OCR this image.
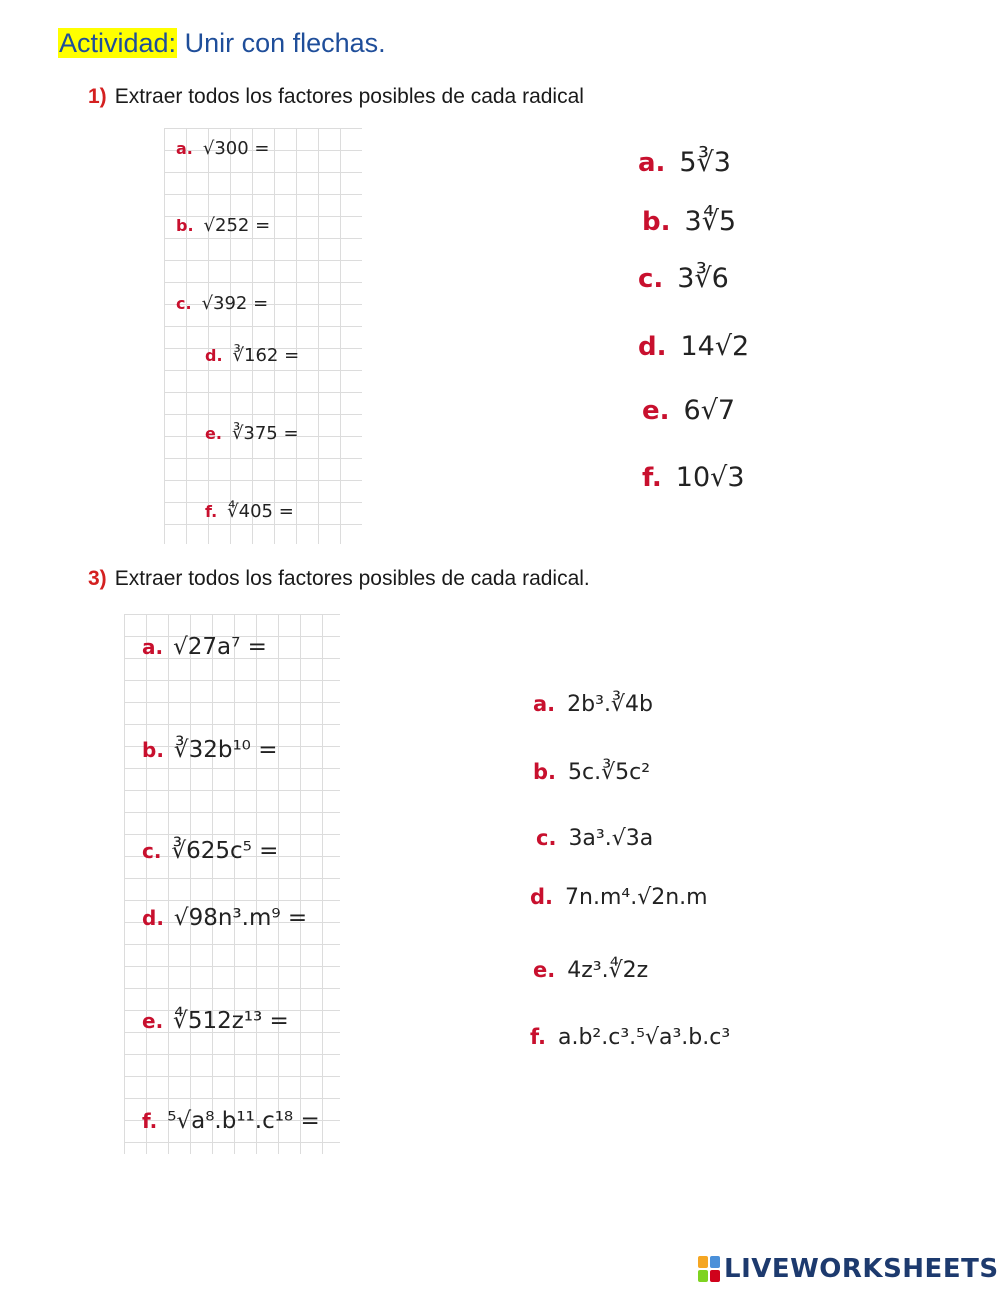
Actividad: Unir con flechas.
1) Extraer todos los factores posibles de cada radical
a. √300 =
b. √252 =
c. √392 =
d. ∛162 =
e. ∛375 =
f. ∜405 =
a. 5∛3
b. 3∜5
c. 3∛6
d. 14√2
e. 6√7
f. 10√3
3) Extraer todos los factores posibles de cada radical.
a. √27a⁷ =
b. ∛32b¹⁰ =
c. ∛625c⁵ =
d. √98n³.m⁹ =
e. ∜512z¹³ =
f. ⁵√a⁸.b¹¹.c¹⁸ =
a. 2b³.∛4b
b. 5c.∛5c²
c. 3a³.√3a
d. 7n.m⁴.√2n.m
e. 4z³.∜2z
f. a.b².c³.⁵√a³.b.c³
LIVEWORKSHEETS
